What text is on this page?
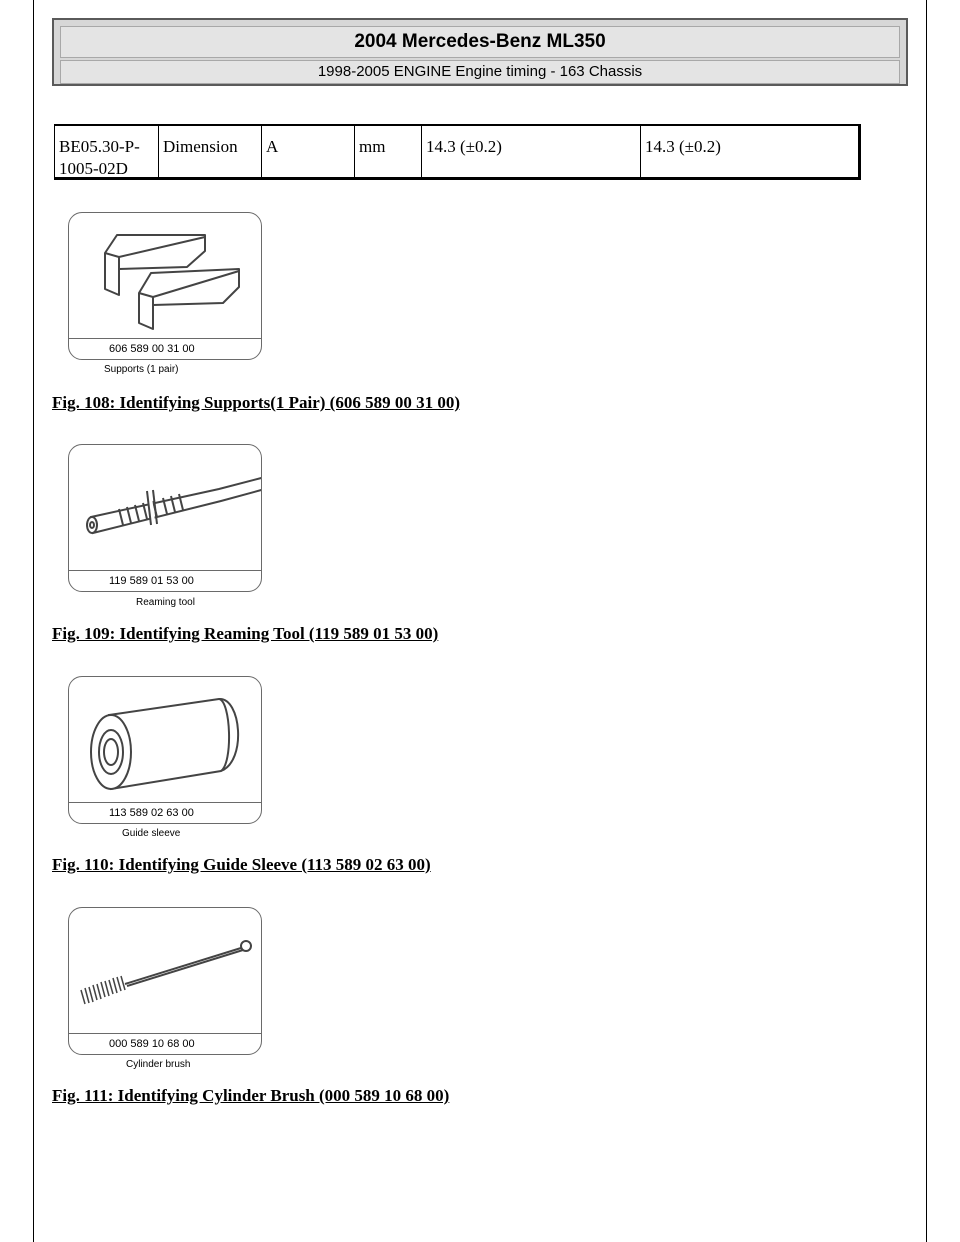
2004 Mercedes-Benz ML350
1998-2005 ENGINE Engine timing - 163 Chassis
BE05.30-P-
1005-02D
Dimension	A	mm	14.3 (±0.2)	14.3 (±0.2)
606 589 00 31 00
Supports (1 pair)
Fig. 108: Identifying Supports(1 Pair) (606 589 00 31 00)
119 589 01 53 00
Reaming tool
Fig. 109: Identifying Reaming Tool (119 589 01 53 00)
113 589 02 63 00
Guide sleeve
Fig. 110: Identifying Guide Sleeve (113 589 02 63 00)
000 589 10 68 00
Cylinder brush
Fig. 111: Identifying Cylinder Brush (000 589 10 68 00)
